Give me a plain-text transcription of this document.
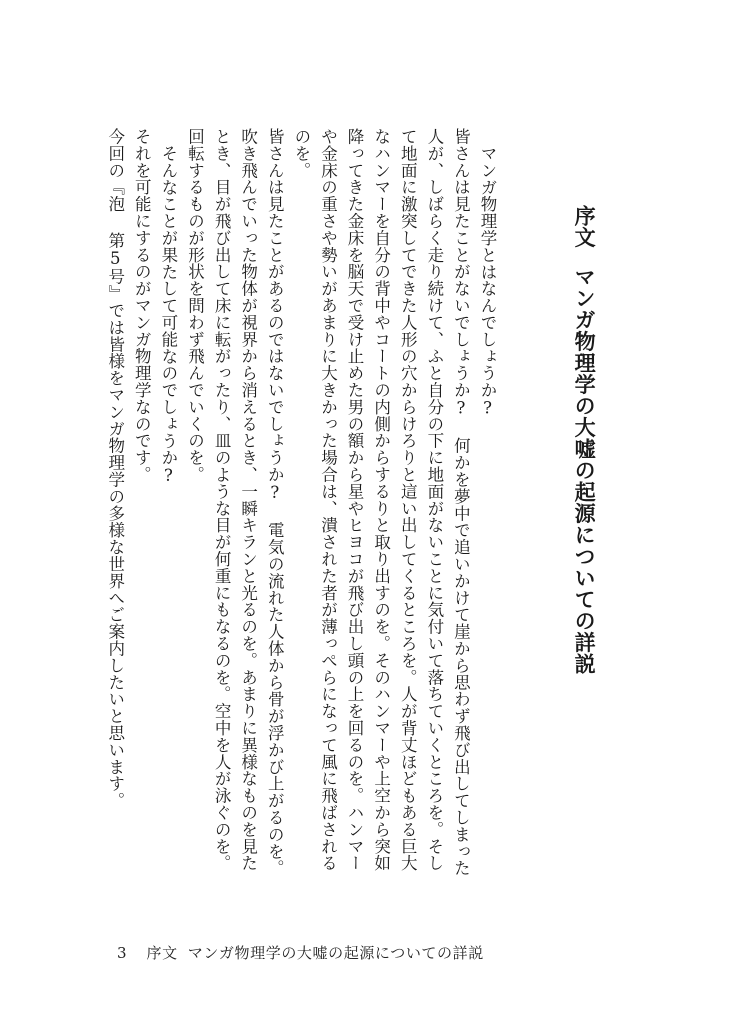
序文マンガ物理学の大嘘の起源についての詳説

マンガ物理学とはなんでしょうか?

皆さんは見たことがないでしょうか? 何かを夢中で追いかけて崖から思わず飛び出してしまった人が、しばらく走り続けて、ふと自分の下に地面がないことに気付いて落ちていくところを。そして地面に激突してできた人形の穴からけろりと這い出してくるところを。人が背丈ほどもある巨大なハンマーを自分の背中やコートの内側からするりと取り出すのを。そのハンマーや上空から突如降ってきた金床を脳天で受け止めた男の額から星やヒヨコが飛び出し頭の上を回るのを。ハンマーや金床の重さや勢いがあまりに大きかった場合は、潰された者が薄っぺらになって風に飛ばされるのを。

皆さんは見たことがあるのではないでしょうか? 電気の流れた人体から骨が浮かび上がるのを。吹き飛んでいった物体が視界から消えるとき、一瞬キランと光るのを。あまりに異様なものを見たとき、目が飛び出して床に転がったり、皿のような目が何重にもなるのを。空中を人が泳ぐのを。回転するものが形状を問わず飛んでいくのを。

そんなことが果たして可能なのでしょうか?

それを可能にするのがマンガ物理学なのです。

今回の『泡 第5号』では皆様をマンガ物理学の多様な世界へご案内したいと思います。

3 序文 マンガ物理学の大嘘の起源についての詳説
